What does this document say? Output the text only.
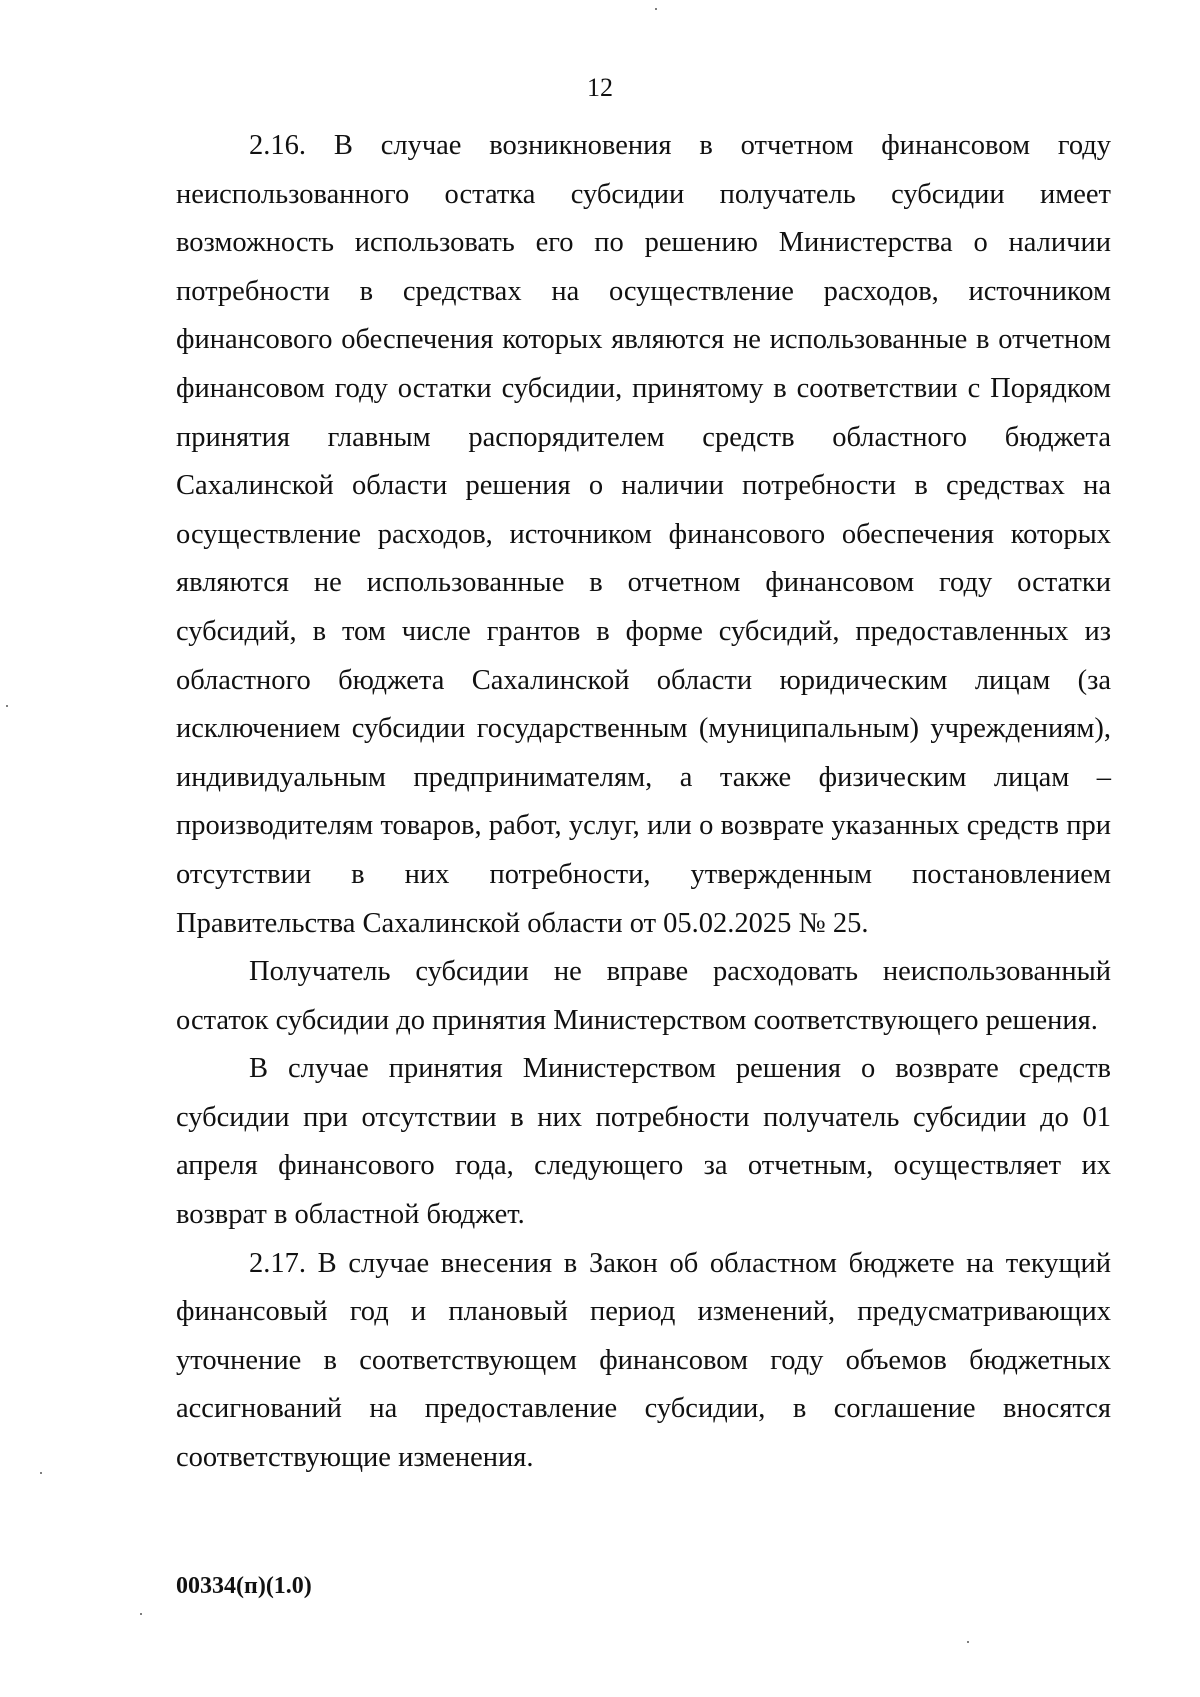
12

2.16. В случае возникновения в отчетном финансовом году неиспользованного остатка субсидии получатель субсидии имеет возможность использовать его по решению Министерства о наличии потребности в средствах на осуществление расходов, источником финансового обеспечения которых являются не использованные в отчетном финансовом году остатки субсидии, принятому в соответствии с Порядком принятия главным распорядителем средств областного бюджета Сахалинской области решения о наличии потребности в средствах на осуществление расходов, источником финансового обеспечения которых являются не использованные в отчетном финансовом году остатки субсидий, в том числе грантов в форме субсидий, предоставленных из областного бюджета Сахалинской области юридическим лицам (за исключением субсидии государственным (муниципальным) учреждениям), индивидуальным предпринимателям, а также физическим лицам – производителям товаров, работ, услуг, или о возврате указанных средств при отсутствии в них потребности, утвержденным постановлением Правительства Сахалинской области от 05.02.2025 № 25.

Получатель субсидии не вправе расходовать неиспользованный остаток субсидии до принятия Министерством соответствующего решения.

В случае принятия Министерством решения о возврате средств субсидии при отсутствии в них потребности получатель субсидии до 01 апреля финансового года, следующего за отчетным, осуществляет их возврат в областной бюджет.

2.17. В случае внесения в Закон об областном бюджете на текущий финансовый год и плановый период изменений, предусматривающих уточнение в соответствующем финансовом году объемов бюджетных ассигнований на предоставление субсидии, в соглашение вносятся соответствующие изменения.

00334(п)(1.0)
